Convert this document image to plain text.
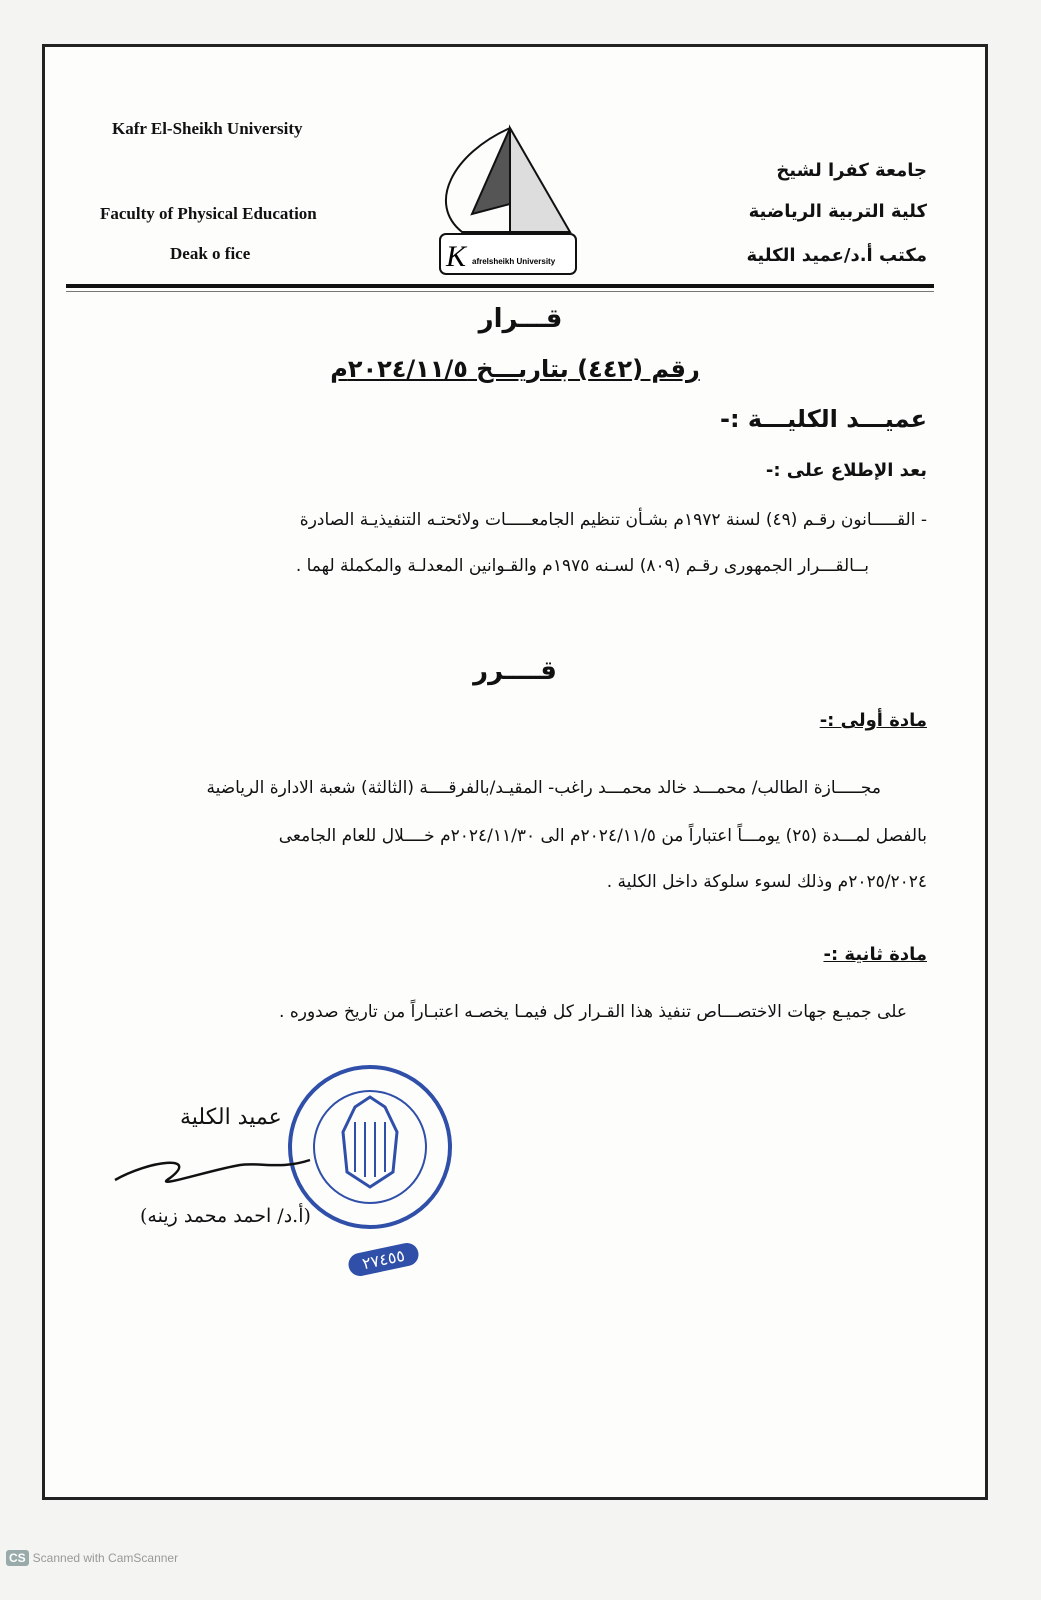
Kafr El-Sheikh University
Faculty of Physical Education
Deak o fice	K afrelsheikh University
جامعة كفرا لشيخ
كلية التربية الرياضية
مكتب أ.د/عميد الكلية
قـــرار
رقم (٤٤٢) بتاريـــخ ٢٠٢٤/١١/٥م
عميـــد الكليـــة :-
بعد الإطلاع على :-
- القـــــانون رقـم (٤٩) لسنة ١٩٧٢م بشـأن تنظيم الجامعـــــات ولائحتـه التنفيذيـة الصادرة
بــالقـــرار الجمهورى رقـم (٨٠٩) لسـنه ١٩٧٥م والقـوانين المعدلـة والمكملة لهما .
قــــرر
مادة أولى :-
مجـــــازة الطالب/ محمـــد خالد محمـــد راغب- المقيـد/بالفرقــــة (الثالثة) شعبة الادارة الرياضية
بالفصل لمـــدة (٢٥) يومـــاً اعتباراً من ٢٠٢٤/١١/٥م الى ٢٠٢٤/١١/٣٠م خــــلال للعام الجامعى
٢٠٢٥/٢٠٢٤م وذلك لسوء سلوكة داخل الكلية .
مادة ثانية :-
على جميـع جهات الاختصـــاص تنفيذ هذا القـرار كل فيمـا يخصـه اعتبـاراً من تاريخ صدوره .
عميد الكلية
(أ.د/ احمد محمد زينه)
٢٧٤٥٥
CS Scanned with CamScanner
